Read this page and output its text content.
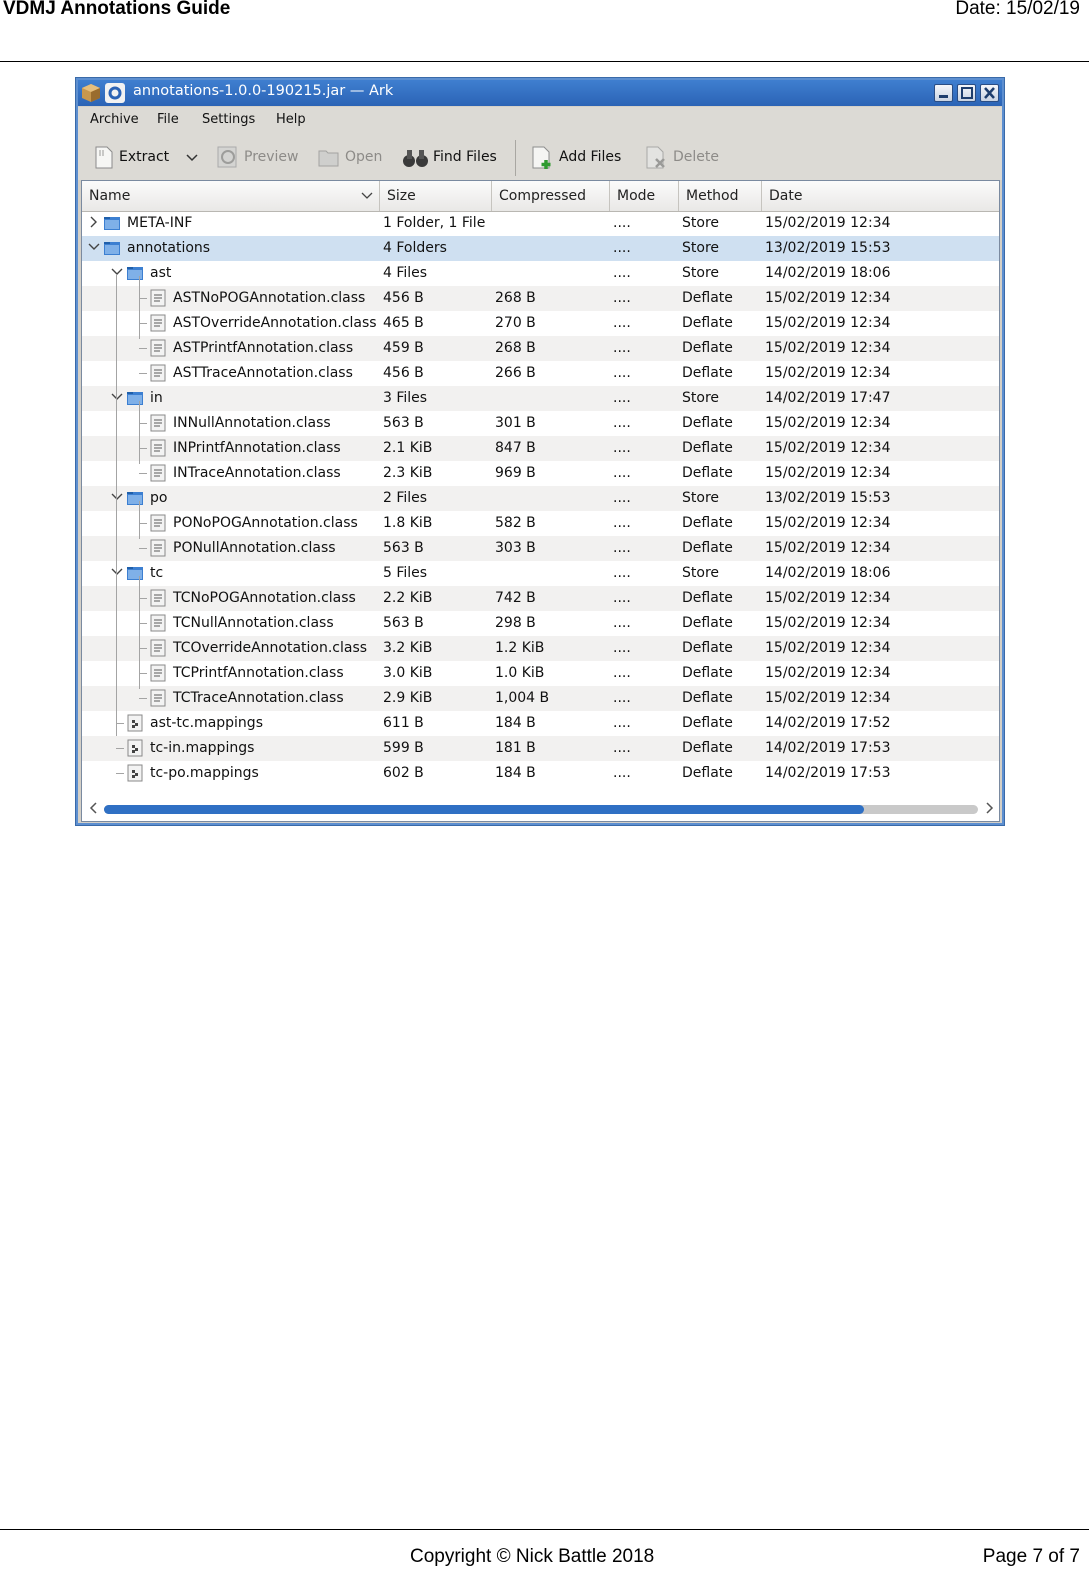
VDMJ Annotations Guide	Date: 15/02/19
annotations-1.0.0-190215.jar — Ark
Archive File Settings Help
Extract	Preview	Open	Find Files	Add Files	Delete
Name	Size	Compressed Mode Method Date
META-INF	1 Folder, 1 File	....	Store	15/02/2019 12:34
annotations	4 Folders	....	Store	13/02/2019 15:53
ast	4 Files	....	Store	14/02/2019 18:06
ASTNoPOGAnnotation.class 456 B	268 B	....	Deflate 15/02/2019 12:34
ASTOverrideAnnotation.class 465 B	270 B	....	Deflate 15/02/2019 12:34
ASTPrintfAnnotation.class 459 B	268 B	....	Deflate 15/02/2019 12:34
ASTTraceAnnotation.class 456 B	266 B	....	Deflate 15/02/2019 12:34
in	3 Files	....	Store	14/02/2019 17:47
INNullAnnotation.class	563 B	301 B	....	Deflate 15/02/2019 12:34
INPrintfAnnotation.class	2.1 KiB	847 B	....	Deflate 15/02/2019 12:34
INTraceAnnotation.class	2.3 KiB	969 B	....	Deflate 15/02/2019 12:34
po	2 Files	....	Store	13/02/2019 15:53
PONoPOGAnnotation.class 1.8 KiB	582 B	....	Deflate 15/02/2019 12:34
PONullAnnotation.class	563 B	303 B	....	Deflate 15/02/2019 12:34
tc	5 Files	....	Store	14/02/2019 18:06
TCNoPOGAnnotation.class 2.2 KiB	742 B	....	Deflate 15/02/2019 12:34
TCNullAnnotation.class	563 B	298 B	....	Deflate 15/02/2019 12:34
TCOverrideAnnotation.class 3.2 KiB	1.2 KiB	....	Deflate 15/02/2019 12:34
TCPrintfAnnotation.class	3.0 KiB	1.0 KiB	....	Deflate 15/02/2019 12:34
TCTraceAnnotation.class	2.9 KiB	1,004 B	....	Deflate 15/02/2019 12:34
ast-tc.mappings	611 B	184 B	....	Deflate 14/02/2019 17:52
tc-in.mappings	599 B	181 B	....	Deflate 14/02/2019 17:53
tc-po.mappings	602 B	184 B	....	Deflate 14/02/2019 17:53
Copyright © Nick Battle 2018	Page 7 of 7
